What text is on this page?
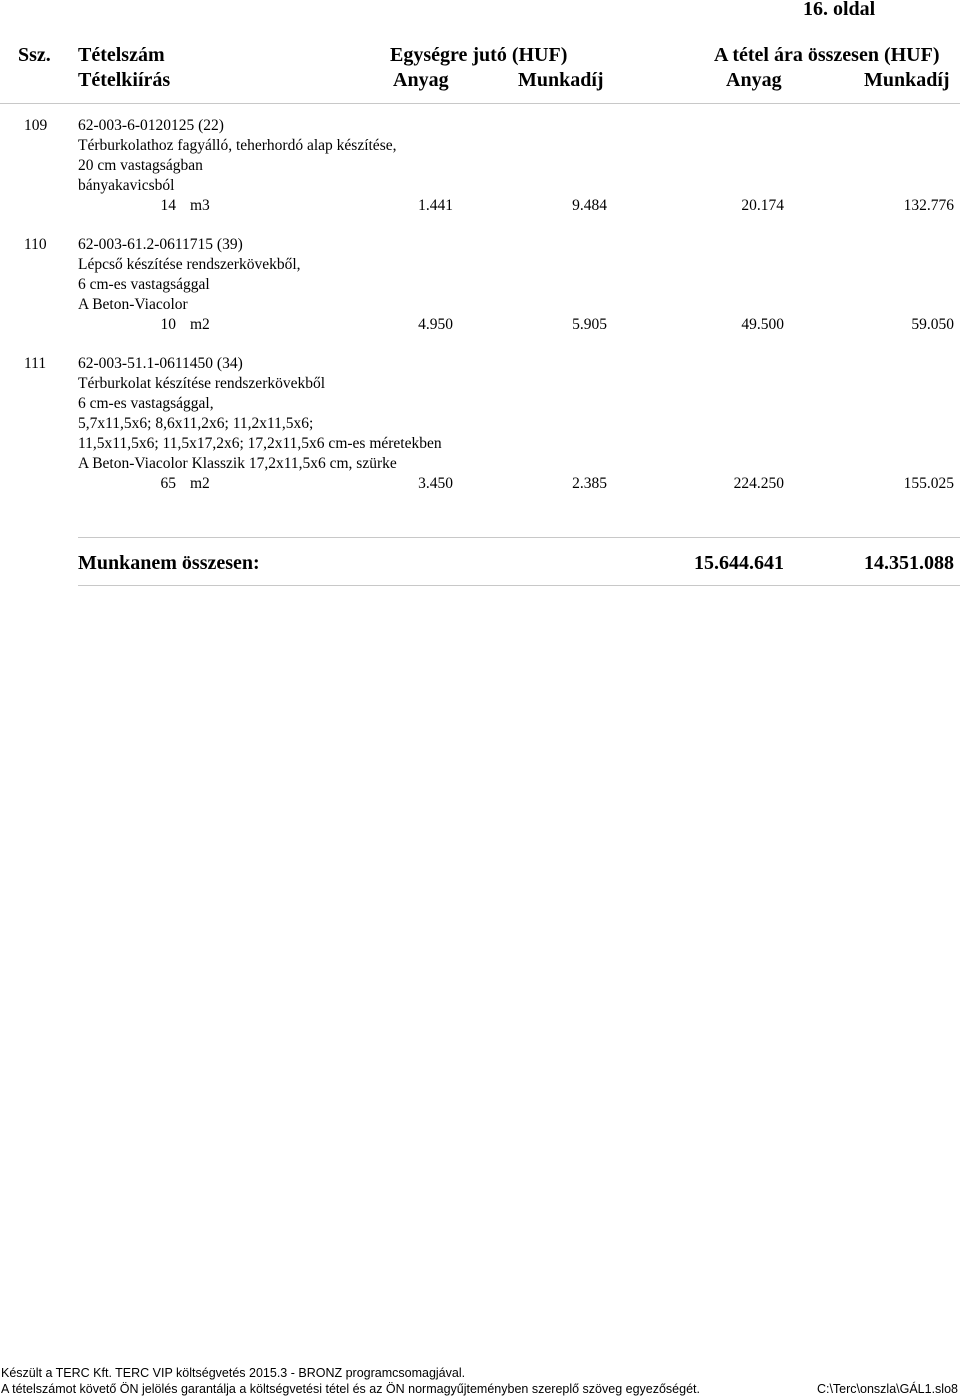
16. oldal
Ssz. Tételszám
Tételkiírás
Egységre jutó (HUF)	A tétel ára összesen (HUF)
Anyag	Munkadíj	Anyag	Munkadíj
109 62-003-6-0120125 (22)
Térburkolathoz fagyálló, teherhordó alap készítése,
20 cm vastagságban
bányakavicsból
14 m3	1.441	9.484	20.174	132.776
110 62-003-61.2-0611715 (39)
Lépcső készítése rendszerkövekből,
6 cm-es vastagsággal
A Beton-Viacolor
10 m2	4.950	5.905	49.500	59.050
111 62-003-51.1-0611450 (34)
Térburkolat készítése rendszerkövekből
6 cm-es vastagsággal,
5,7x11,5x6; 8,6x11,2x6; 11,2x11,5x6;
11,5x11,5x6; 11,5x17,2x6; 17,2x11,5x6 cm-es méretekben
A Beton-Viacolor Klasszik 17,2x11,5x6 cm, szürke
65 m2	3.450	2.385	224.250	155.025
Munkanem összesen:	15.644.641	14.351.088
Készült a TERC Kft. TERC VIP költségvetés 2015.3 - BRONZ programcsomagjával.
A tételszámot követő ÖN jelölés garantálja a költségvetési tétel és az ÖN normagyűjteményben szereplő szöveg egyezőségét.	C:\Terc\onszla\GÁL1.slo8
